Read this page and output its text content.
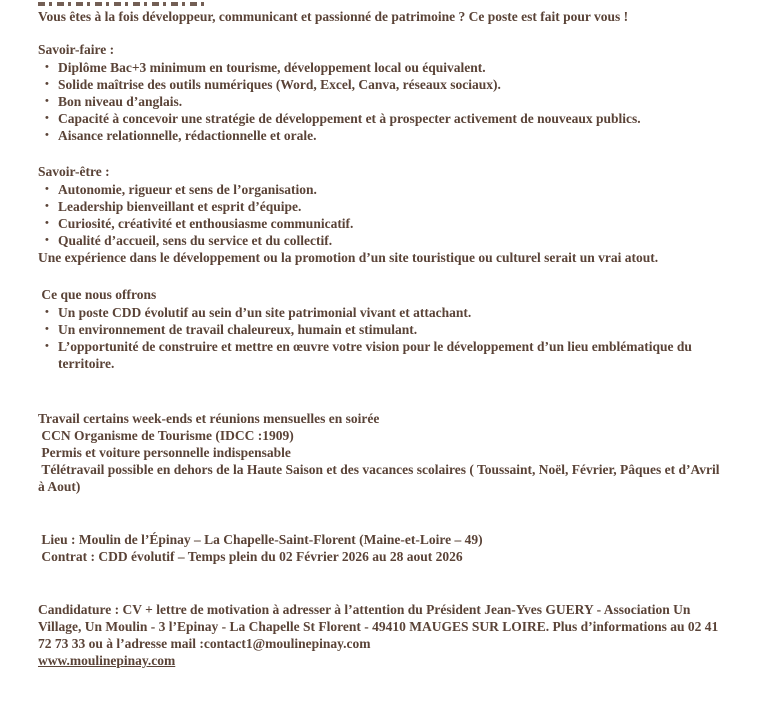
Vous êtes à la fois développeur, communicant et passionné de patrimoine ? Ce poste est fait pour vous !

Savoir-faire :
• Diplôme Bac+3 minimum en tourisme, développement local ou équivalent.
• Solide maîtrise des outils numériques (Word, Excel, Canva, réseaux sociaux).
• Bon niveau d’anglais.
• Capacité à concevoir une stratégie de développement et à prospecter activement de nouveaux publics.
• Aisance relationnelle, rédactionnelle et orale.
Savoir-être :
• Autonomie, rigueur et sens de l’organisation.
• Leadership bienveillant et esprit d’équipe.
• Curiosité, créativité et enthousiasme communicatif.
• Qualité d’accueil, sens du service et du collectif.

Une expérience dans le développement ou la promotion d’un site touristique ou culturel serait un vrai atout.

Ce que nous offrons
• Un poste CDD évolutif au sein d’un site patrimonial vivant et attachant.
• Un environnement de travail chaleureux, humain et stimulant.
• L’opportunité de construire et mettre en œuvre votre vision pour le développement d’un lieu emblématique du territoire.

Travail certains week-ends et réunions mensuelles en soirée

CCN Organisme de Tourisme (IDCC :1909)

Permis et voiture personnelle indispensable

Télétravail possible en dehors de la Haute Saison et des vacances scolaires ( Toussaint, Noël, Février, Pâques et d’Avril à Aout)

Lieu : Moulin de l’Épinay – La Chapelle-Saint-Florent (Maine-et-Loire – 49)

Contrat : CDD évolutif – Temps plein du 02 Février 2026 au 28 aout 2026

Candidature : CV + lettre de motivation à adresser à l’attention du Président Jean-Yves GUERY - Association Un Village, Un Moulin - 3 l’Epinay - La Chapelle St Florent - 49410 MAUGES SUR LOIRE. Plus d’informations au 02 41 72 73 33 ou à l’adresse mail :contact1@moulinepinay.com

www.moulinepinay.com
